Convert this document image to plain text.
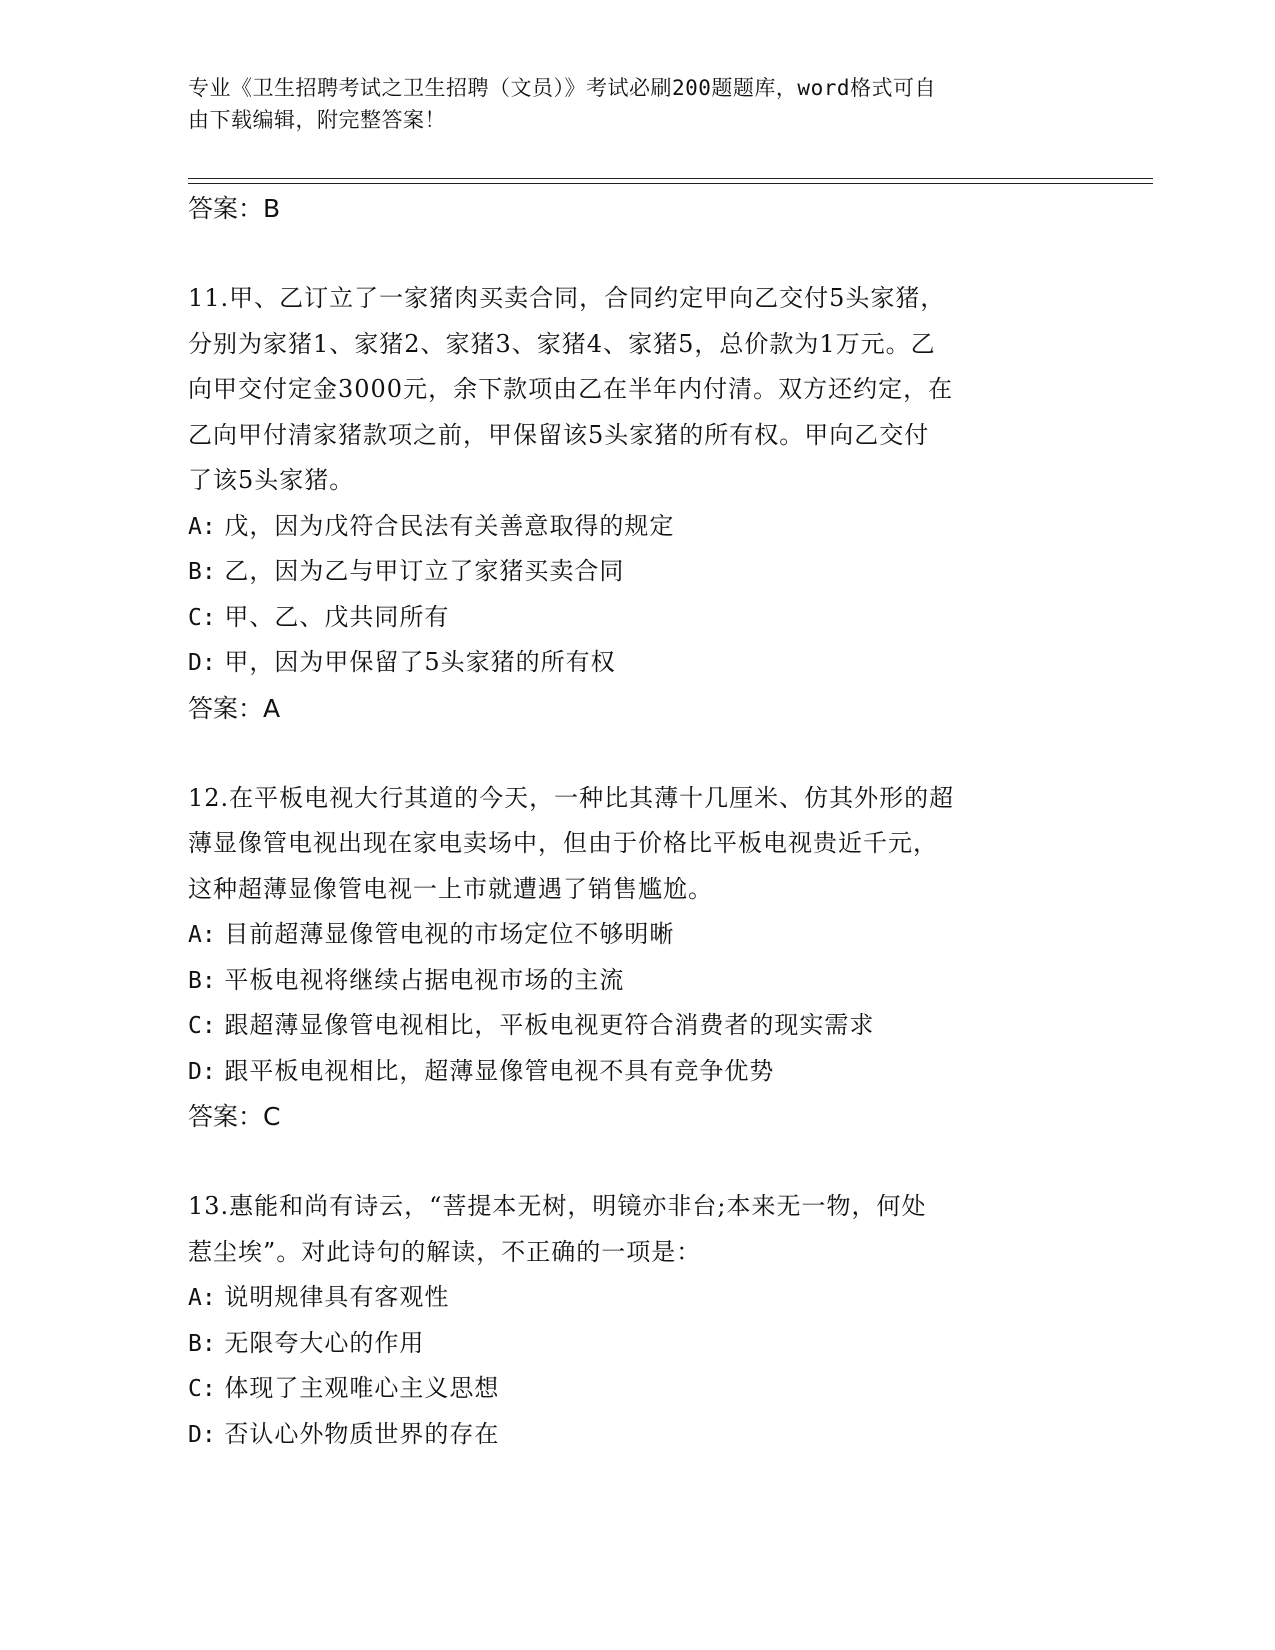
专业《卫生招聘考试之卫生招聘（文员）》考试必刷200题题库，word格式可自
由下载编辑，附完整答案！
答案：B
11.甲、乙订立了一家猪肉买卖合同，合同约定甲向乙交付5头家猪，
分别为家猪1、家猪2、家猪3、家猪4、家猪5，总价款为1万元。乙
向甲交付定金3000元，余下款项由乙在半年内付清。双方还约定，在
乙向甲付清家猪款项之前，甲保留该5头家猪的所有权。甲向乙交付
了该5头家猪。
A: 戊，因为戊符合民法有关善意取得的规定
B: 乙，因为乙与甲订立了家猪买卖合同
C: 甲、乙、戊共同所有
D: 甲，因为甲保留了5头家猪的所有权
答案：A
12.在平板电视大行其道的今天，一种比其薄十几厘米、仿其外形的超
薄显像管电视出现在家电卖场中，但由于价格比平板电视贵近千元，
这种超薄显像管电视一上市就遭遇了销售尴尬。
A: 目前超薄显像管电视的市场定位不够明晰
B: 平板电视将继续占据电视市场的主流
C: 跟超薄显像管电视相比，平板电视更符合消费者的现实需求
D: 跟平板电视相比，超薄显像管电视不具有竞争优势
答案：C
13.惠能和尚有诗云，“菩提本无树，明镜亦非台;本来无一物，何处
惹尘埃”。对此诗句的解读，不正确的一项是：
A: 说明规律具有客观性
B: 无限夸大心的作用
C: 体现了主观唯心主义思想
D: 否认心外物质世界的存在
